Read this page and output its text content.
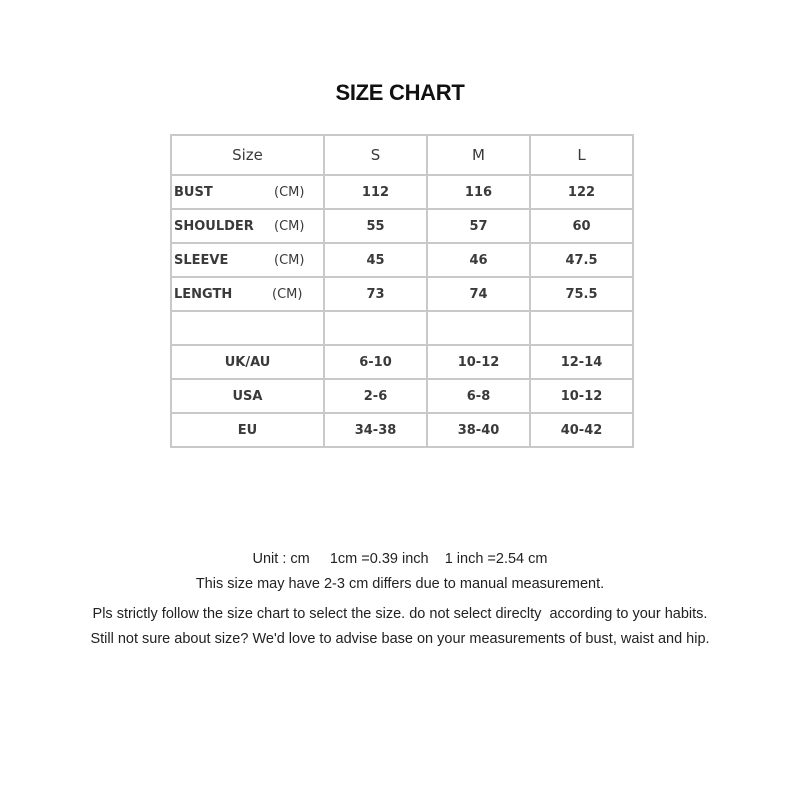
SIZE CHART
Size	S	M	L
BUST (CM)	112	116	122
SHOULDER (CM)	55	57	60
SLEEVE (CM)	45	46	47.5
LENGTH (CM)	73	74	75.5

UK/AU	6-10	10-12	12-14
USA	2-6	6-8	10-12
EU	34-38	38-40	40-42
Unit : cm     1cm =0.39 inch    1 inch =2.54 cm
This size may have 2-3 cm differs due to manual measurement.
Pls strictly follow the size chart to select the size. do not select direclty  according to your habits.
Still not sure about size? We'd love to advise base on your measurements of bust, waist and hip.
